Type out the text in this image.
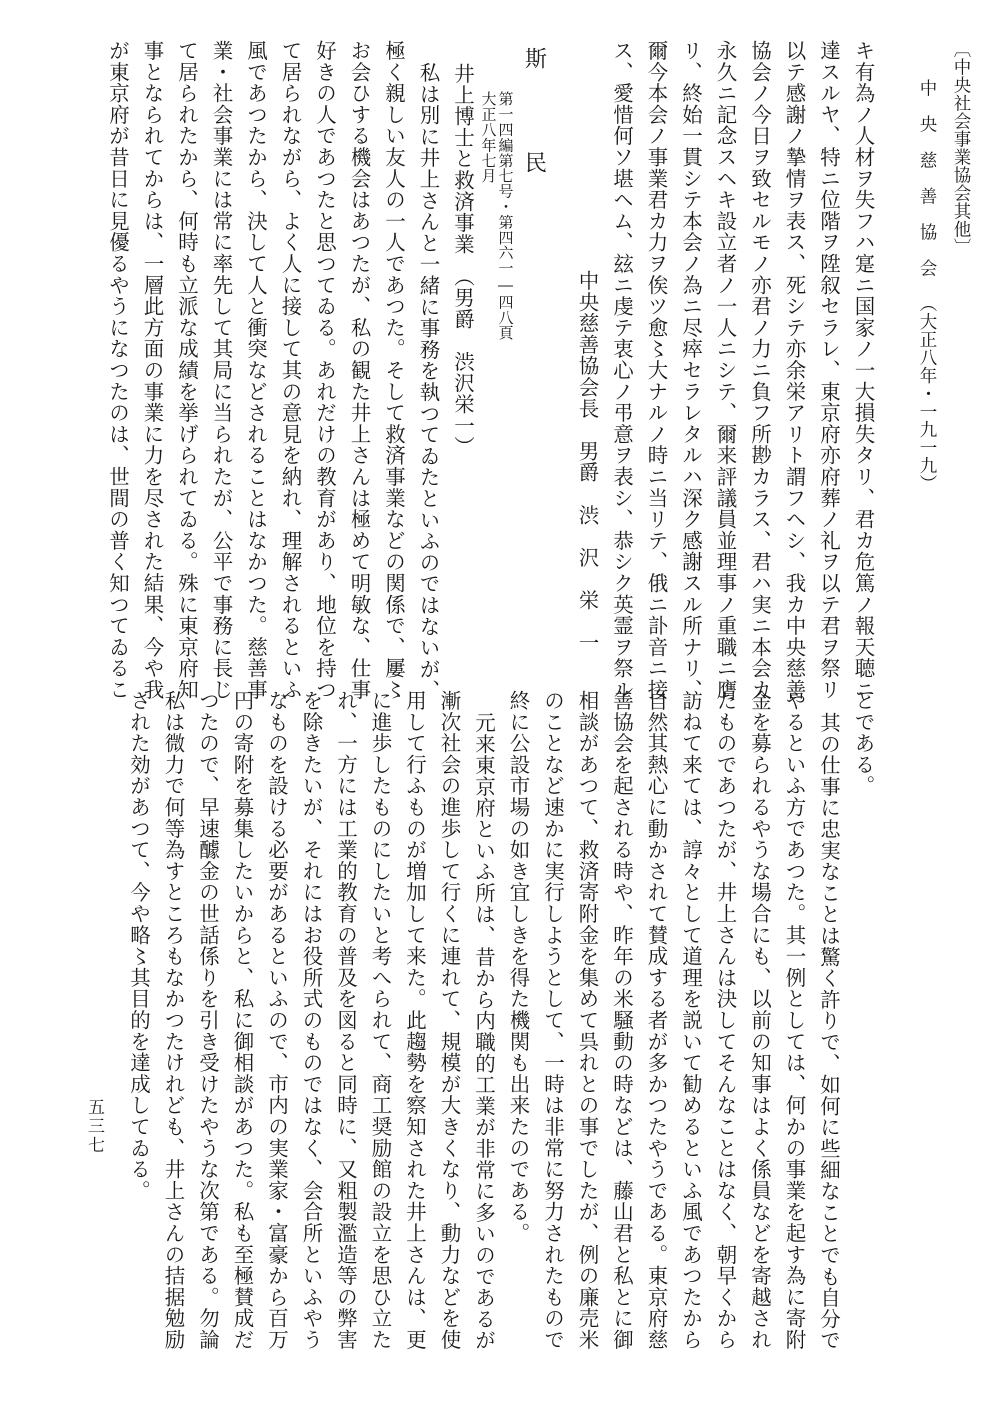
〔中央社会事業協会其他〕
中　央　慈　善　協　会（大正八年・一九一九）

キ有為ノ人材ヲ失フハ寔ニ国家ノ一大損失タリ、君カ危篤ノ報天聴ニ

達スルヤ、特ニ位階ヲ陞叙セラレ、東京府亦府葬ノ礼ヲ以テ君ヲ祭リ

以テ感謝ノ摯情ヲ表ス、死シテ亦余栄アリト謂フヘシ、我カ中央慈善

協会ノ今日ヲ致セルモノ亦君ノ力ニ負フ所尠カラス、君ハ実ニ本会カ

永久ニ記念スヘキ設立者ノ一人ニシテ、爾来評議員並理事ノ重職ニ膺

リ、終始一貫シテ本会ノ為ニ尽瘁セラレタルハ深ク感謝スル所ナリ、

爾今本会ノ事業君カ力ヲ俟ツ愈〻大ナルノ時ニ当リテ、俄ニ訃音ニ接

ス、愛惜何ソ堪ヘム、玆ニ虔テ衷心ノ弔意ヲ表シ、恭シク英霊ヲ祭ル

中央慈善協会長　男爵　渋　沢　栄　一

斯　民

第一四編第七号・第四六一―四八頁

大正八年七月

井上博士と救済事業　（男爵　渋沢栄一）

私は別に井上さんと一緒に事務を執つてゐたといふのではないが、

極く親しい友人の一人であつた。そして救済事業などの関係で、屢〻

お会ひする機会はあつたが、私の観た井上さんは極めて明敏な、仕事

好きの人であつたと思つてゐる。あれだけの教育があり、地位を持つ

て居られながら、よく人に接して其の意見を納れ、理解されるといふ

風であつたから、決して人と衝突などされることはなかつた。慈善事

業・社会事業には常に率先して其局に当られたが、公平で事務に長じ

て居られたから、何時も立派な成績を挙げられてゐる。殊に東京府知

事となられてからは、一層此方面の事業に力を尽された結果、今や我

が東京府が昔日に見優るやうになつたのは、世間の普く知つてゐるこ

とである。

其の仕事に忠実なことは驚く許りで、如何に些細なことでも自分で

やるといふ方であつた。其一例としては、何かの事業を起す為に寄附

金を募られるやうな場合にも、以前の知事はよく係員などを寄越され

たものであつたが、井上さんは決してそんなことはなく、朝早くから

訪ねて来ては、諄々として道理を説いて勧めるといふ風であつたから

自然其熱心に動かされて賛成する者が多かつたやうである。東京府慈

善協会を起される時や、昨年の米騒動の時などは、藤山君と私とに御

相談があつて、救済寄附金を集めて呉れとの事でしたが、例の廉売米

のことなど速かに実行しようとして、一時は非常に努力されたもので

終に公設市場の如き宜しきを得た機関も出来たのである。

元来東京府といふ所は、昔から内職的工業が非常に多いのであるが

漸次社会の進歩して行くに連れて、規模が大きくなり、動力などを使

用して行ふものが増加して来た。此趨勢を察知された井上さんは、更

に進歩したものにしたいと考へられて、商工奨励館の設立を思ひ立た

れ、一方には工業的教育の普及を図ると同時に、又粗製濫造等の弊害

を除きたいが、それにはお役所式のものではなく、会合所といふやう

なものを設ける必要があるといふので、市内の実業家・富豪から百万

円の寄附を募集したいからと、私に御相談があつた。私も至極賛成だ

つたので、早速醵金の世話係りを引き受けたやうな次第である。勿論

私は微力で何等為すところもなかつたけれども、井上さんの拮据勉励

された効があつて、今や略〻其目的を達成してゐる。

五三七
